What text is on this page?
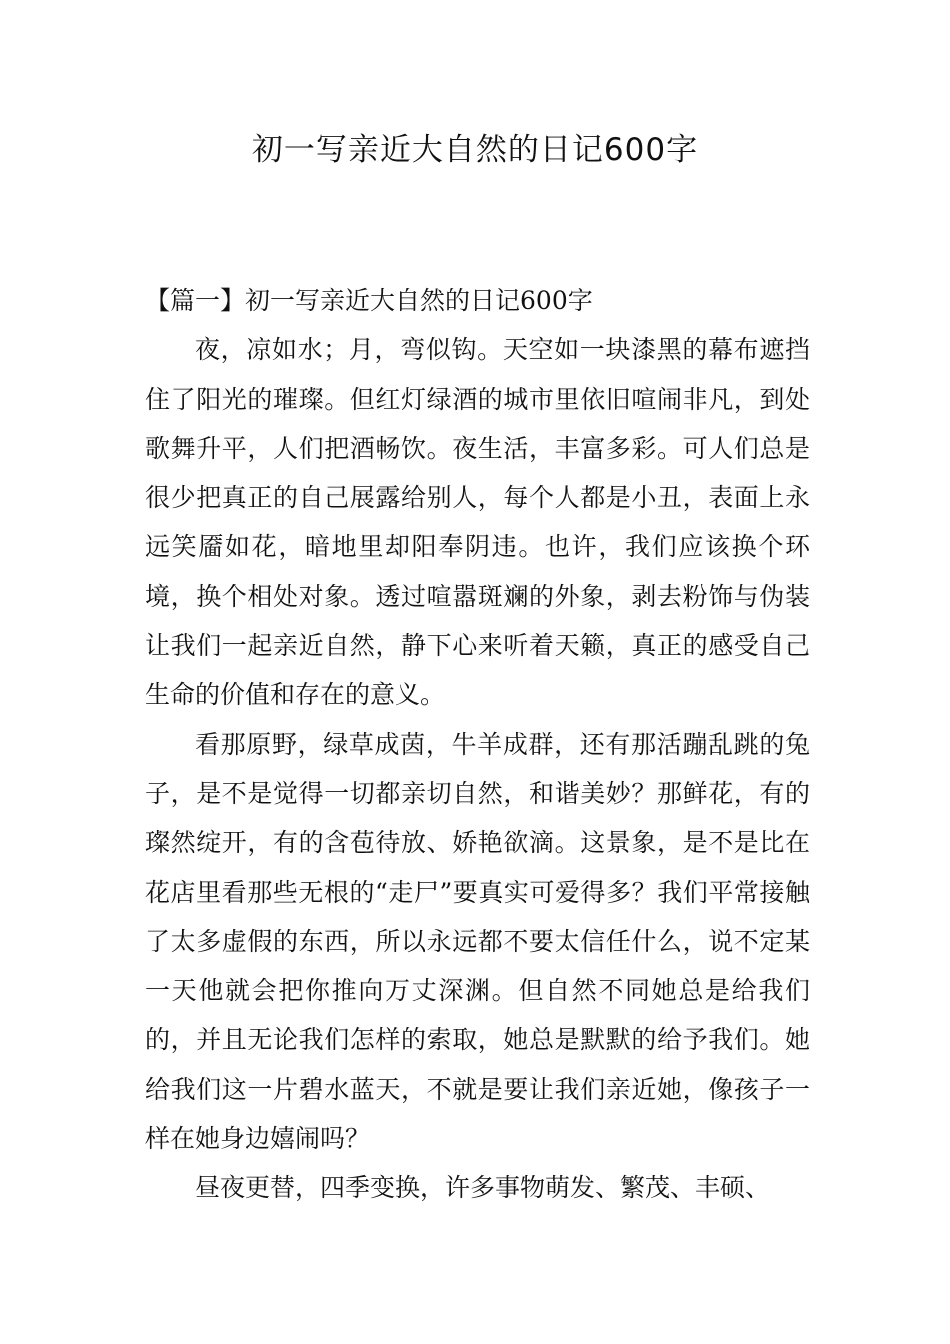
初一写亲近大自然的日记600字

【篇一】初一写亲近大自然的日记600字

夜，凉如水；月，弯似钩。天空如一块漆黑的幕布遮挡住了阳光的璀璨。但红灯绿酒的城市里依旧喧闹非凡，到处歌舞升平，人们把酒畅饮。夜生活，丰富多彩。可人们总是很少把真正的自己展露给别人，每个人都是小丑，表面上永远笑靥如花，暗地里却阳奉阴违。也许，我们应该换个环境，换个相处对象。透过喧嚣斑斓的外象，剥去粉饰与伪装让我们一起亲近自然，静下心来听着天籁，真正的感受自己生命的价值和存在的意义。

看那原野，绿草成茵，牛羊成群，还有那活蹦乱跳的兔子，是不是觉得一切都亲切自然，和谐美妙？那鲜花，有的璨然绽开，有的含苞待放、娇艳欲滴。这景象，是不是比在花店里看那些无根的“走尸”要真实可爱得多？我们平常接触了太多虚假的东西，所以永远都不要太信任什么，说不定某一天他就会把你推向万丈深渊。但自然不同她总是给我们的，并且无论我们怎样的索取，她总是默默的给予我们。她给我们这一片碧水蓝天，不就是要让我们亲近她，像孩子一样在她身边嬉闹吗？

昼夜更替，四季变换，许多事物萌发、繁茂、丰硕、
